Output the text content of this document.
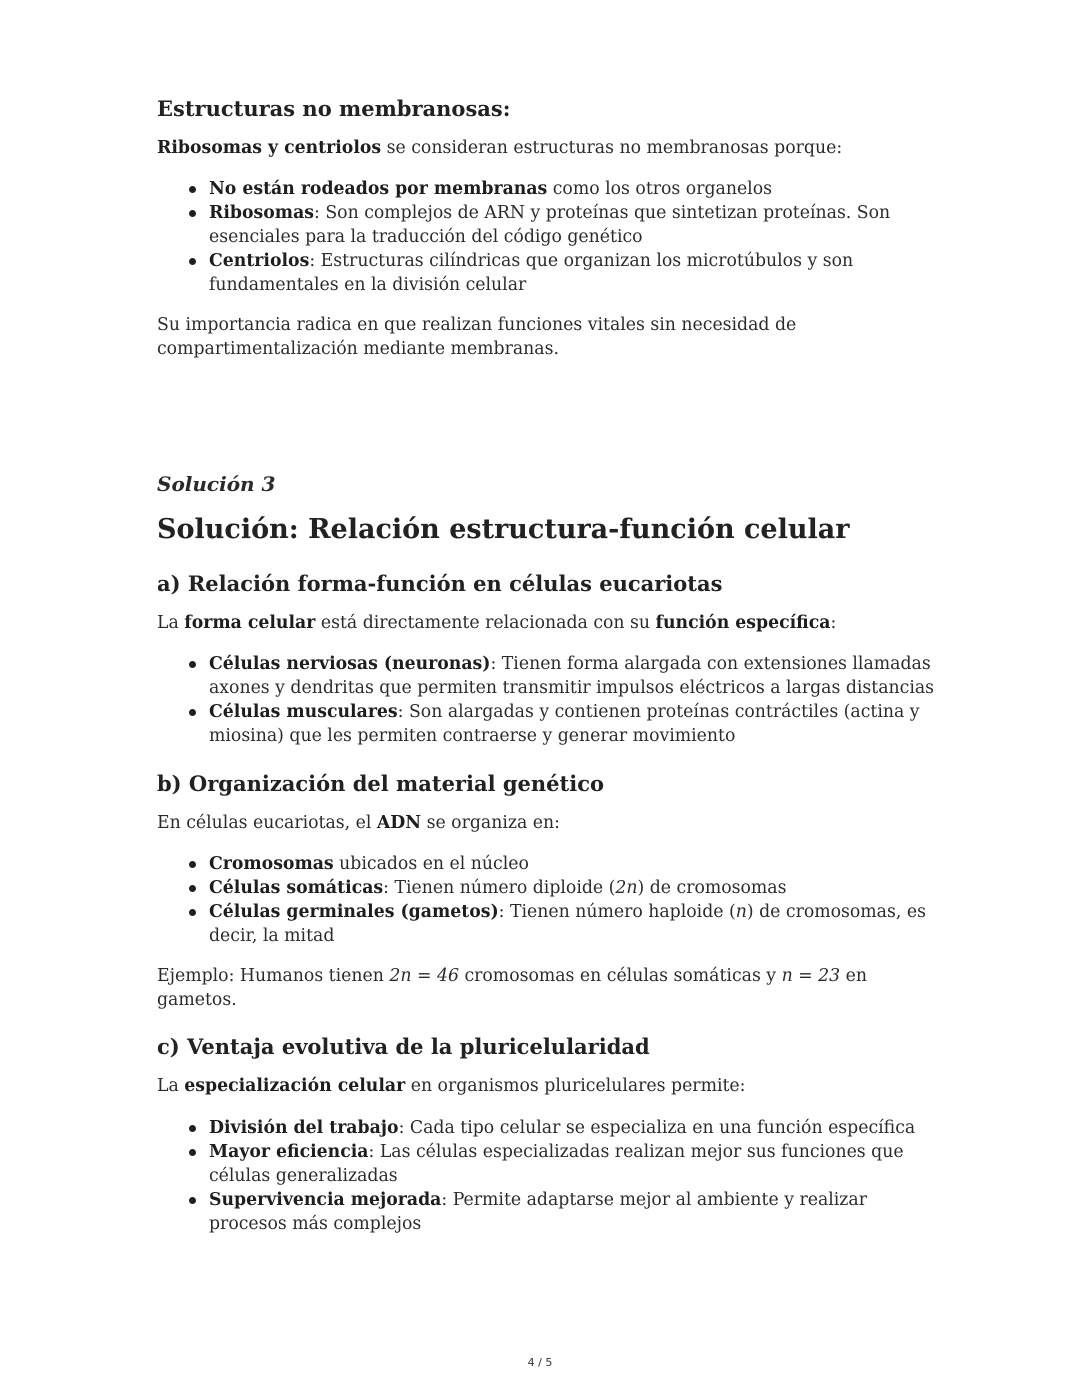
Estructuras no membranosas:

Ribosomas y centriolos se consideran estructuras no membranosas porque:

No están rodeados por membranas como los otros organelos
Ribosomas: Son complejos de ARN y proteínas que sintetizan proteínas. Son esenciales para la traducción del código genético
Centriolos: Estructuras cilíndricas que organizan los microtúbulos y son fundamentales en la división celular

Su importancia radica en que realizan funciones vitales sin necesidad de compartimentalización mediante membranas.

Solución 3
Solución: Relación estructura-función celular
a) Relación forma-función en células eucariotas

La forma celular está directamente relacionada con su función específica:

Células nerviosas (neuronas): Tienen forma alargada con extensiones llamadas axones y dendritas que permiten transmitir impulsos eléctricos a largas distancias
Células musculares: Son alargadas y contienen proteínas contráctiles (actina y miosina) que les permiten contraerse y generar movimiento
b) Organización del material genético

En células eucariotas, el ADN se organiza en:

Cromosomas ubicados en el núcleo
Células somáticas: Tienen número diploide (2n) de cromosomas
Células germinales (gametos): Tienen número haploide (n) de cromosomas, es decir, la mitad

Ejemplo: Humanos tienen 2n = 46 cromosomas en células somáticas y n = 23 en gametos.

c) Ventaja evolutiva de la pluricelularidad

La especialización celular en organismos pluricelulares permite:

División del trabajo: Cada tipo celular se especializa en una función específica
Mayor eficiencia: Las células especializadas realizan mejor sus funciones que células generalizadas
Supervivencia mejorada: Permite adaptarse mejor al ambiente y realizar procesos más complejos
4 / 5
